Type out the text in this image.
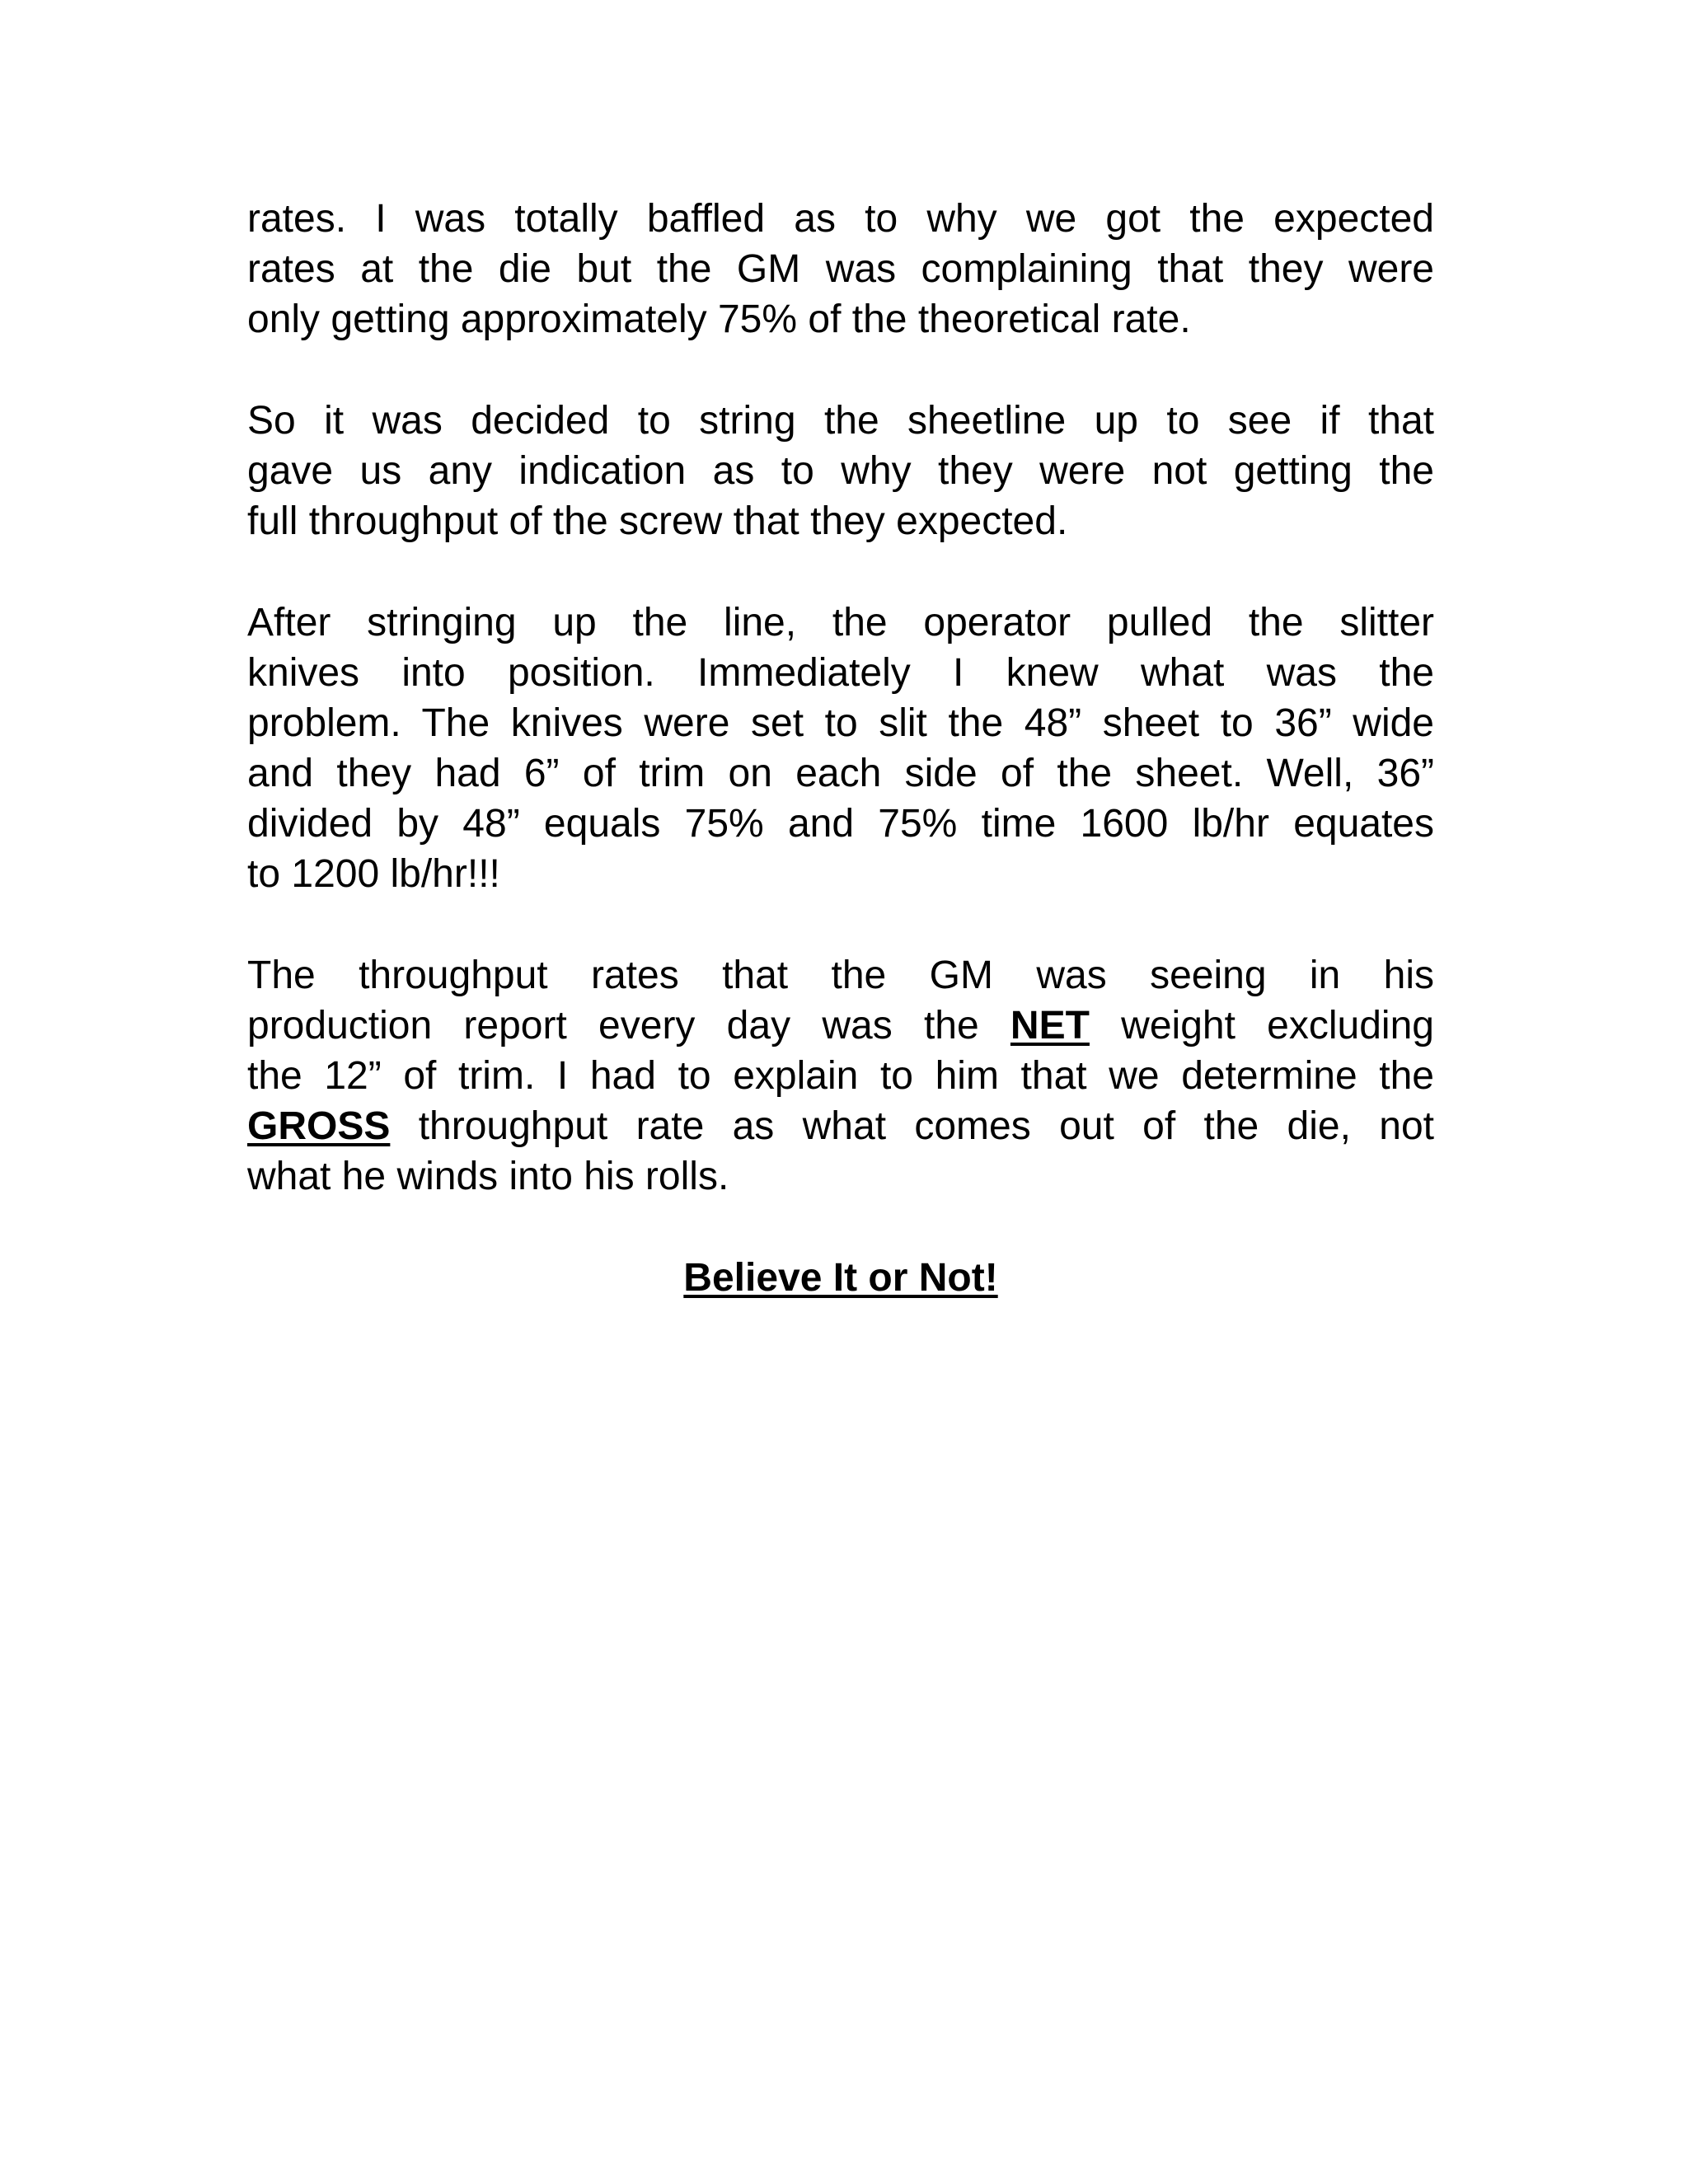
rates. I was totally baffled as to why we got the expected
rates at the die but the GM was complaining that they were
only getting approximately 75% of the theoretical rate.

So it was decided to string the sheetline up to see if that
gave us any indication as to why they were not getting the
full throughput of the screw that they expected.

After stringing up the line, the operator pulled the slitter
knives into position. Immediately I knew what was the
problem. The knives were set to slit the 48” sheet to 36” wide
and they had 6” of trim on each side of the sheet. Well, 36”
divided by 48” equals 75% and 75% time 1600 lb/hr equates
to 1200 lb/hr!!!

The throughput rates that the GM was seeing in his
production report every day was the NET weight excluding
the 12” of trim. I had to explain to him that we determine the
GROSS throughput rate as what comes out of the die, not
what he winds into his rolls.

Believe It or Not!
